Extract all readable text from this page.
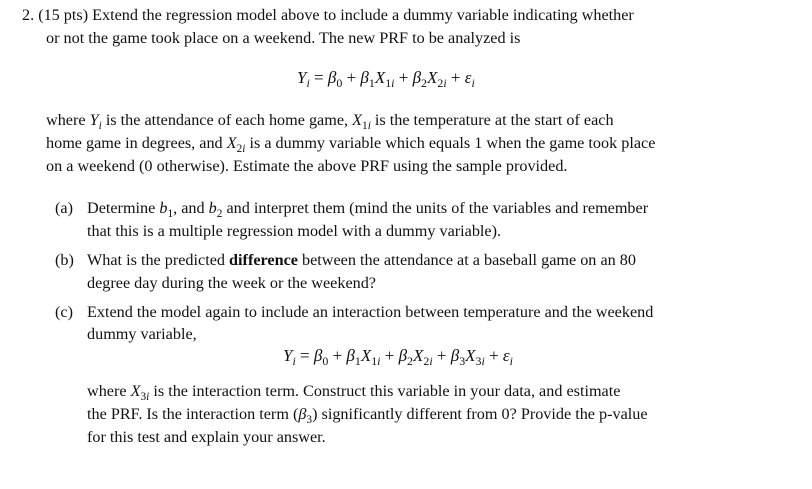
2. (15 pts) Extend the regression model above to include a dummy variable indicating whether
or not the game took place on a weekend. The new PRF to be analyzed is
$Y_i = \beta_0 + \beta_1X_{1i} + \beta_2X_{2i} + \varepsilon_i$
where $Y_i$ is the attendance of each home game, $X_{1i}$ is the temperature at the start of each
home game in degrees, and $X_{2i}$ is a dummy variable which equals 1 when the game took place
on a weekend (0 otherwise). Estimate the above PRF using the sample provided.
(a) Determine $b_1$, and $b_2$ and interpret them (mind the units of the variables and remember
that this is a multiple regression model with a dummy variable).
(b) What is the predicted difference between the attendance at a baseball game on an 80
degree day during the week or the weekend?
(c) Extend the model again to include an interaction between temperature and the weekend
dummy variable,
$Y_i = \beta_0 + \beta_1X_{1i} + \beta_2X_{2i} + \beta_3X_{3i} + \varepsilon_i$
where $X_{3i}$ is the interaction term. Construct this variable in your data, and estimate
the PRF. Is the interaction term $(\beta_3)$ significantly different from 0? Provide the p-value
for this test and explain your answer.
